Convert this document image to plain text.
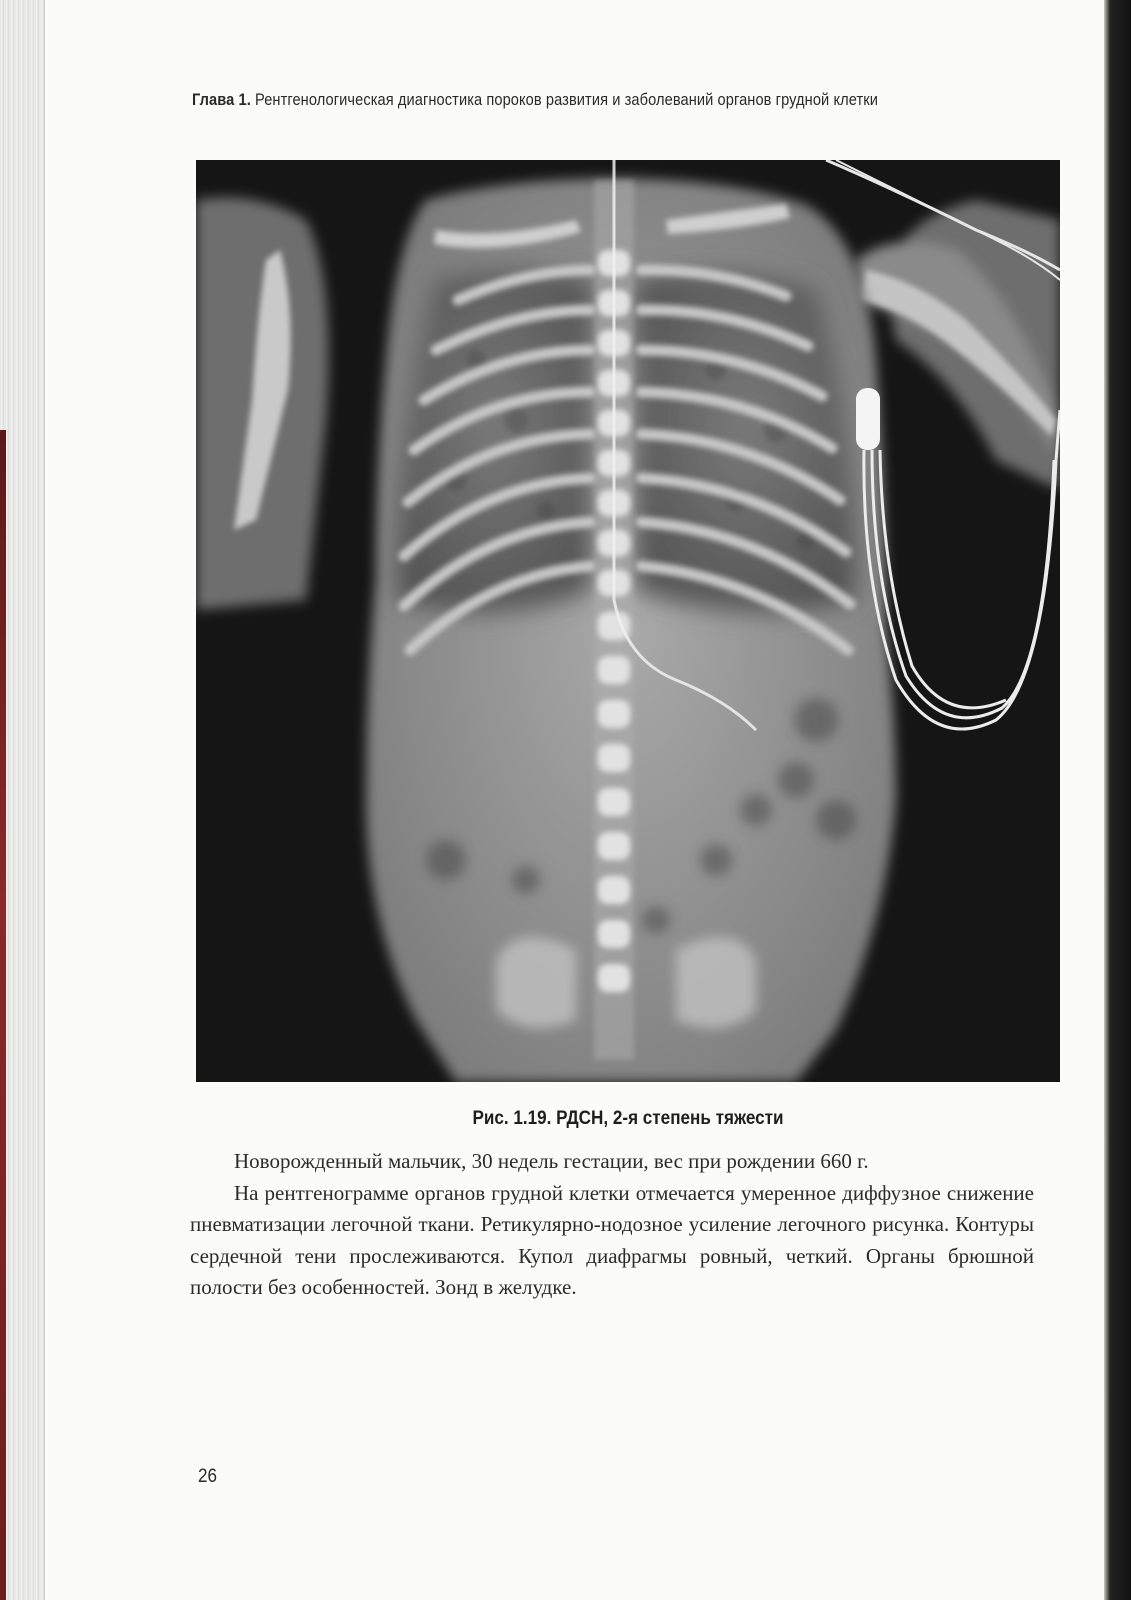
Глава 1. Рентгенологическая диагностика пороков развития и заболеваний органов грудной клетки
Рис. 1.19. РДСН, 2-я степень тяжести

Новорожденный мальчик, 30 недель гестации, вес при рождении 660 г.

На рентгенограмме органов грудной клетки отмечается умеренное диффузное снижение пневматизации легочной ткани. Ретикулярно-нодозное усиление легочного рисунка. Контуры сердечной тени прослеживаются. Купол диафрагмы ровный, четкий. Органы брюшной полости без особенностей. Зонд в желудке.

26
